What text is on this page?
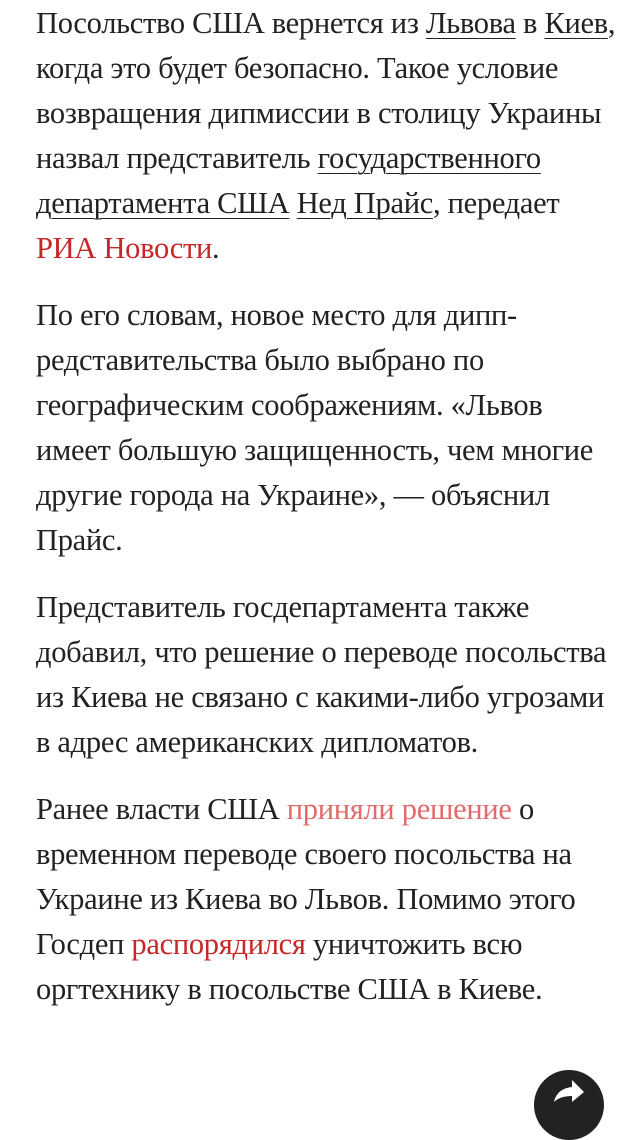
Посольство США вернется из Львова в Киев, когда это будет безопасно. Такое условие возвращения дипмиссии в столицу Украины назвал представитель государственного департамента США Нед Прайс, передает РИА Новости.

По его словам, новое место для диппредставительства было выбрано по географическим соображениям. «Львов имеет большую защищенность, чем многие другие города на Украине», — объяснил Прайс.

Представитель госдепартамента также добавил, что решение о переводе посольства из Киева не связано с какими-либо угрозами в адрес американских дипломатов.

Ранее власти США приняли решение о временном переводе своего посольства на Украине из Киева во Львов. Помимо этого Госдеп распорядился уничтожить всю оргтехнику в посольстве США в Киеве.
